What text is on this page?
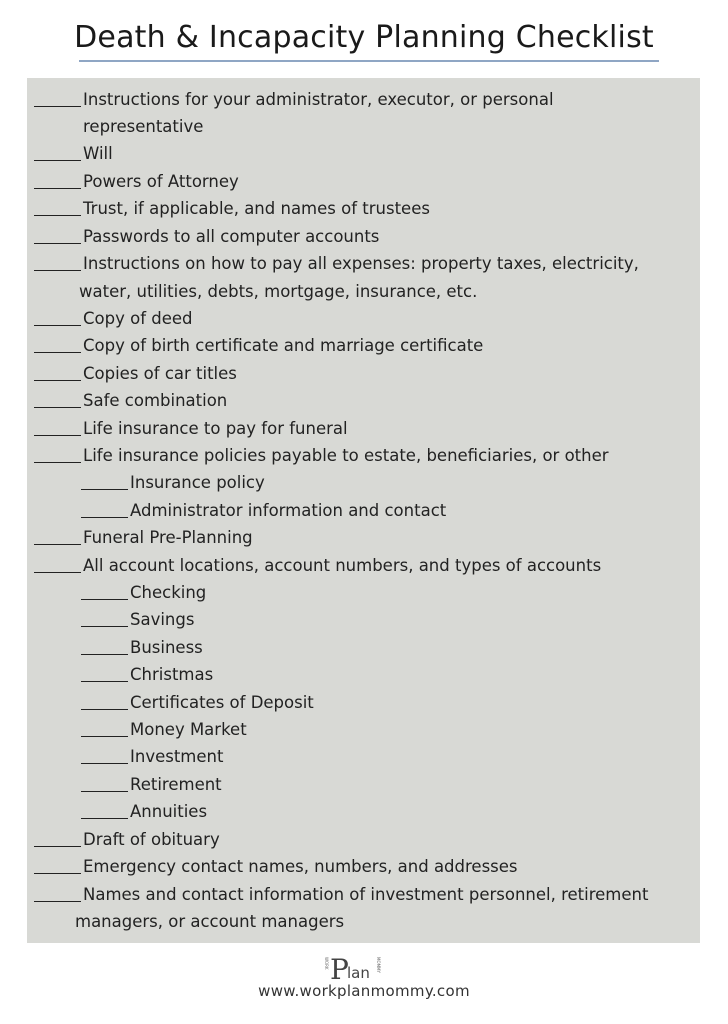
Death & Incapacity Planning Checklist
Instructions for your administrator, executor, or personal
representative
Will
Powers of Attorney
Trust, if applicable, and names of trustees
Passwords to all computer accounts
Instructions on how to pay all expenses: property taxes, electricity,
water, utilities, debts, mortgage, insurance, etc.
Copy of deed
Copy of birth certificate and marriage certificate
Copies of car titles
Safe combination
Life insurance to pay for funeral
Life insurance policies payable to estate, beneficiaries, or other
Insurance policy
Administrator information and contact
Funeral Pre-Planning
All account locations, account numbers, and types of accounts
Checking
Savings
Business
Christmas
Certificates of Deposit
Money Market
Investment
Retirement
Annuities
Draft of obituary
Emergency contact names, numbers, and addresses
Names and contact information of investment personnel, retirement
managers, or account managers
WORK P
lan MOMMY
www.workplanmommy.com
